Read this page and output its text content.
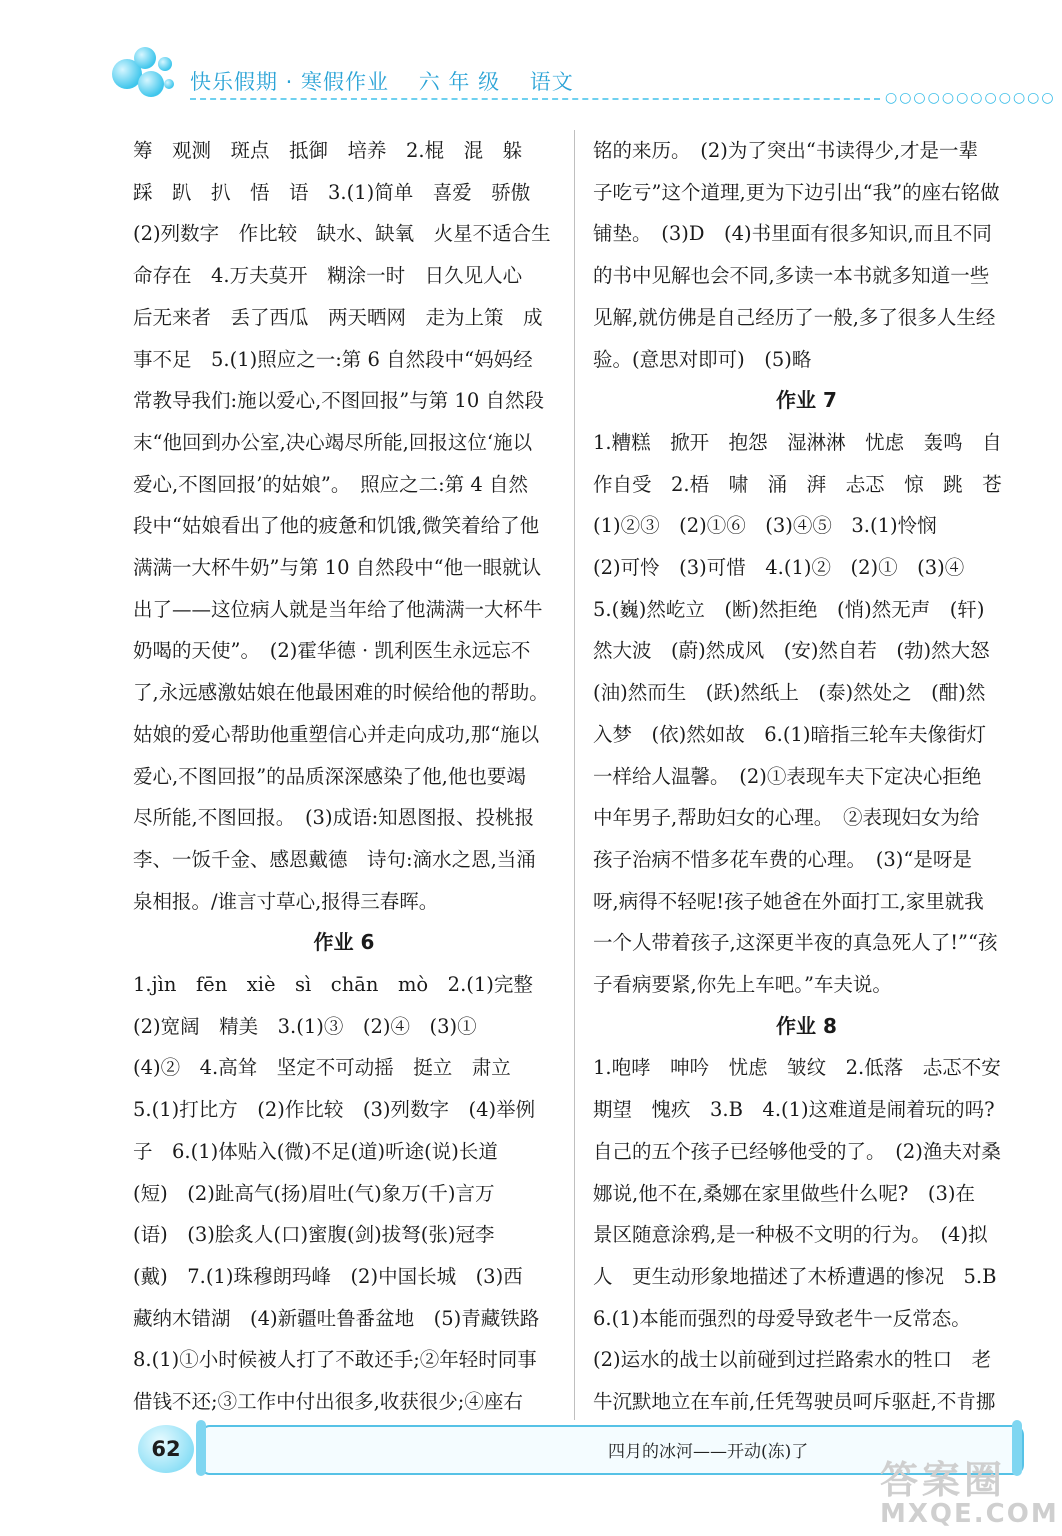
快乐假期 · 寒假作业 六 年 级 语文
○○○○○○○○○○○○

筹　观测　斑点　抵御　培养　2.棍　混　躲

踩　趴　扒　悟　语　3.(1)简单　喜爱　骄傲

(2)列数字　作比较　缺水、缺氧　火星不适合生

命存在　4.万夫莫开　糊涂一时　日久见人心

后无来者　丢了西瓜　两天晒网　走为上策　成

事不足　5.(1)照应之一:第 6 自然段中“妈妈经

常教导我们:施以爱心,不图回报”与第 10 自然段

末“他回到办公室,决心竭尽所能,回报这位‘施以

爱心,不图回报’的姑娘”。　照应之二:第 4 自然

段中“姑娘看出了他的疲惫和饥饿,微笑着给了他

满满一大杯牛奶”与第 10 自然段中“他一眼就认

出了——这位病人就是当年给了他满满一大杯牛

奶喝的天使”。　(2)霍华德 · 凯利医生永远忘不

了,永远感激姑娘在他最困难的时候给他的帮助。

姑娘的爱心帮助他重塑信心并走向成功,那“施以

爱心,不图回报”的品质深深感染了他,他也要竭

尽所能,不图回报。　(3)成语:知恩图报、投桃报

李、一饭千金、感恩戴德　诗句:滴水之恩,当涌

泉相报。/谁言寸草心,报得三春晖。

作业 6

1.jìn　fēn　xiè　sì　chān　mò　2.(1)完整

(2)宽阔　精美　3.(1)③　(2)④　(3)①

(4)②　4.高耸　坚定不可动摇　挺立　肃立

5.(1)打比方　(2)作比较　(3)列数字　(4)举例

子　6.(1)体贴入(微)不足(道)听途(说)长道

(短)　(2)趾高气(扬)眉吐(气)象万(千)言万

(语)　(3)脍炙人(口)蜜腹(剑)拔弩(张)冠李

(戴)　7.(1)珠穆朗玛峰　(2)中国长城　(3)西

藏纳木错湖　(4)新疆吐鲁番盆地　(5)青藏铁路

8.(1)①小时候被人打了不敢还手;②年轻时同事

借钱不还;③工作中付出很多,收获很少;④座右

铭的来历。　(2)为了突出“书读得少,才是一辈

子吃亏”这个道理,更为下边引出“我”的座右铭做

铺垫。　(3)D　(4)书里面有很多知识,而且不同

的书中见解也会不同,多读一本书就多知道一些

见解,就仿佛是自己经历了一般,多了很多人生经

验。(意思对即可)　(5)略

作业 7

1.糟糕　掀开　抱怨　湿淋淋　忧虑　轰鸣　自

作自受　2.梧　啸　涌　湃　忐忑　惊　跳　苍

(1)②③　(2)①⑥　(3)④⑤　3.(1)怜悯

(2)可怜　(3)可惜　4.(1)②　(2)①　(3)④

5.(巍)然屹立　(断)然拒绝　(悄)然无声　(轩)

然大波　(蔚)然成风　(安)然自若　(勃)然大怒

(油)然而生　(跃)然纸上　(泰)然处之　(酣)然

入梦　(依)然如故　6.(1)暗指三轮车夫像街灯

一样给人温馨。　(2)①表现车夫下定决心拒绝

中年男子,帮助妇女的心理。　②表现妇女为给

孩子治病不惜多花车费的心理。　(3)“是呀是

呀,病得不轻呢!孩子她爸在外面打工,家里就我

一个人带着孩子,这深更半夜的真急死人了!”“孩

子看病要紧,你先上车吧。”车夫说。

作业 8

1.咆哮　呻吟　忧虑　皱纹　2.低落　忐忑不安

期望　愧疚　3.B　4.(1)这难道是闹着玩的吗?

自己的五个孩子已经够他受的了。　(2)渔夫对桑

娜说,他不在,桑娜在家里做些什么呢?　(3)在

景区随意涂鸦,是一种极不文明的行为。　(4)拟

人　更生动形象地描述了木桥遭遇的惨况　5.B

6.(1)本能而强烈的母爱导致老牛一反常态。

(2)运水的战士以前碰到过拦路索水的牲口　老

牛沉默地立在车前,任凭驾驶员呵斥驱赶,不肯挪

62	四月的冰河——开动(冻)了
答案圈
MXQE.COM
